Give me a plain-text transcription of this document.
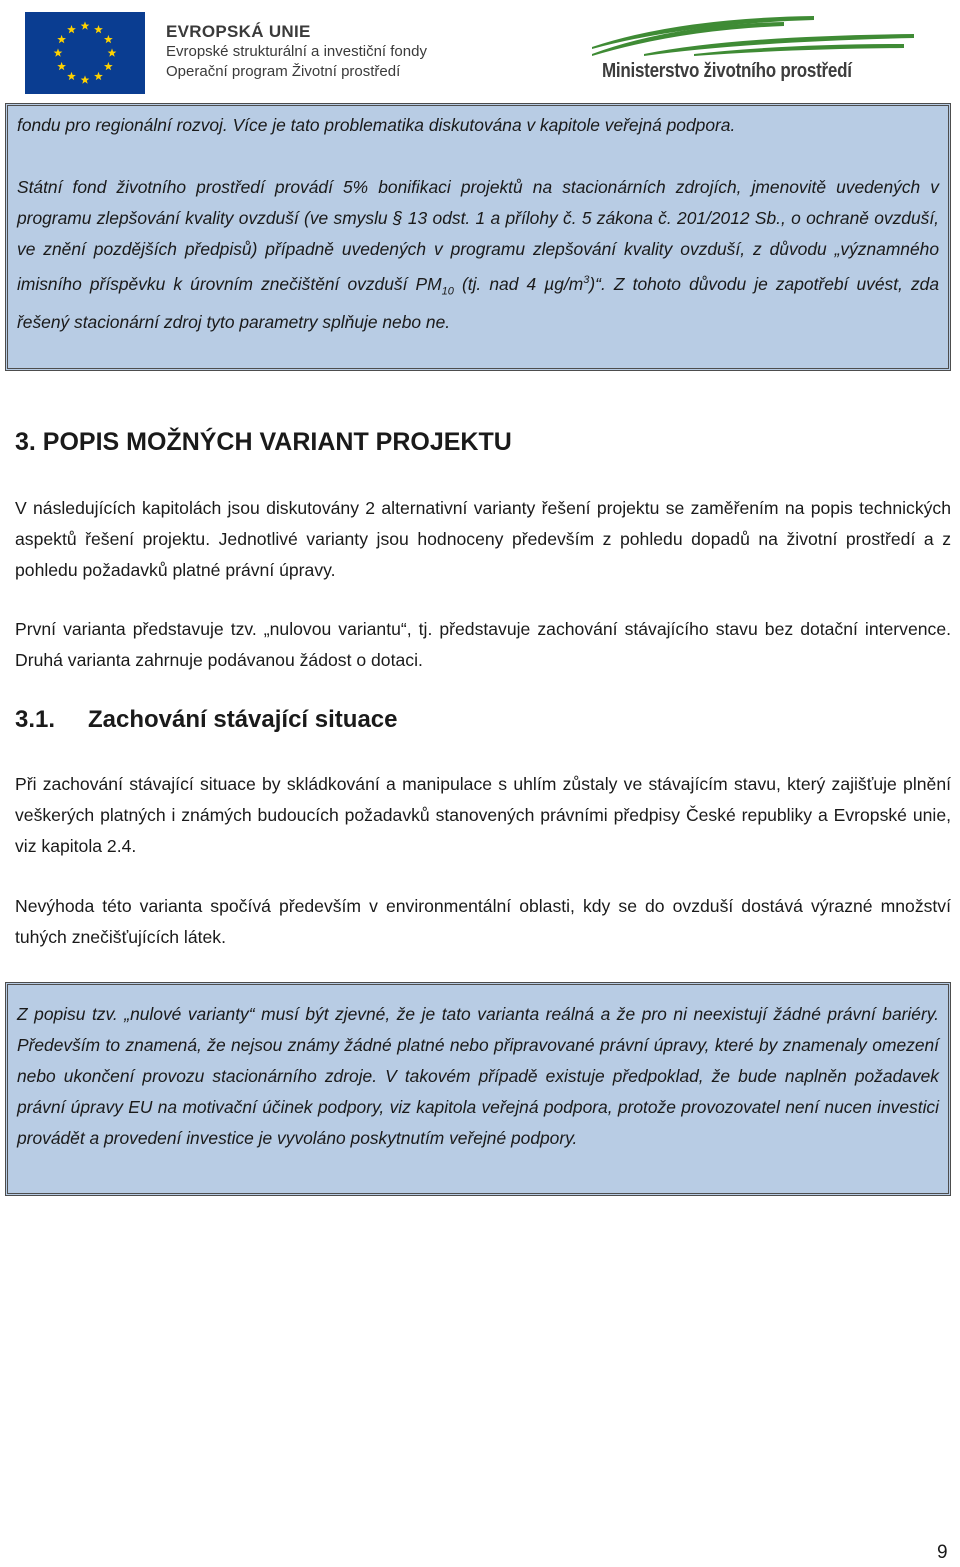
EVROPSKÁ UNIE
Evropské strukturální a investiční fondy
Operační program Životní prostředí	Ministerstvo životního prostředí
fondu pro regionální rozvoj. Více je tato problematika diskutována v kapitole veřejná podpora.
Státní fond životního prostředí provádí 5% bonifikaci projektů na stacionárních zdrojích, jmenovitě uvedených v programu zlepšování kvality ovzduší (ve smyslu § 13 odst. 1 a přílohy č. 5 zákona č. 201/2012 Sb., o ochraně ovzduší, ve znění pozdějších předpisů) případně uvedených v programu zlepšování kvality ovzduší, z důvodu „významného imisního příspěvku k úrovním znečištění ovzduší $PM_{10}$ (tj. nad 4 $\mu g/m^3)“$. Z tohoto důvodu je zapotřebí uvést, zda řešený stacionární zdroj tyto parametry splňuje nebo ne.
3. POPIS MOŽNÝCH VARIANT PROJEKTU
V následujících kapitolách jsou diskutovány 2 alternativní varianty řešení projektu se zaměřením na popis technických aspektů řešení projektu. Jednotlivé varianty jsou hodnoceny především z pohledu dopadů na životní prostředí a z pohledu požadavků platné právní úpravy.
První varianta představuje tzv. „nulovou variantu“, tj. představuje zachování stávajícího stavu bez dotační intervence. Druhá varianta zahrnuje podávanou žádost o dotaci.
3.1. Zachování stávající situace
Při zachování stávající situace by skládkování a manipulace s uhlím zůstaly ve stávajícím stavu, který zajišťuje plnění veškerých platných i známých budoucích požadavků stanovených právními předpisy České republiky a Evropské unie, viz kapitola 2.4.
Nevýhoda této varianta spočívá především v environmentální oblasti, kdy se do ovzduší dostává výrazné množství tuhých znečišťujících látek.
Z popisu tzv. „nulové varianty“ musí být zjevné, že je tato varianta reálná a že pro ni neexistují žádné právní bariéry. Především to znamená, že nejsou známy žádné platné nebo připravované právní úpravy, které by znamenaly omezení nebo ukončení provozu stacionárního zdroje. V takovém případě existuje předpoklad, že bude naplněn požadavek právní úpravy EU na motivační účinek podpory, viz kapitola veřejná podpora, protože provozovatel není nucen investici provádět a provedení investice je vyvoláno poskytnutím veřejné podpory.
9
